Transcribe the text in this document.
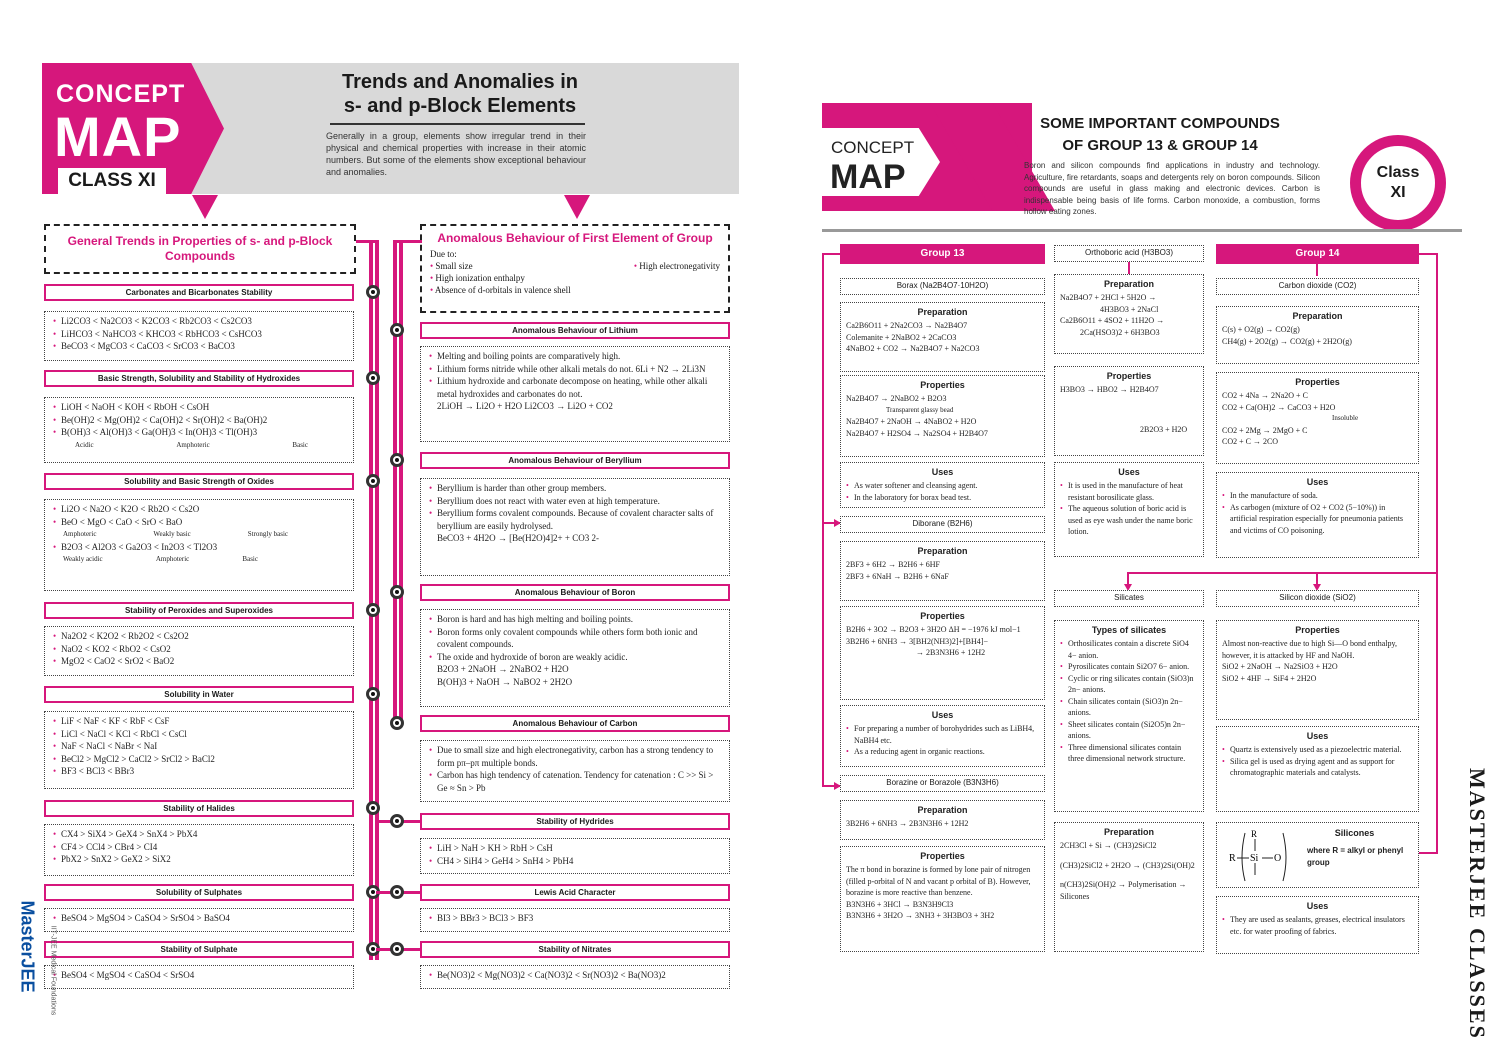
CONCEPT
MAP
CLASS XI
Trends and Anomalies in
s- and p-Block Elements
Generally in a group, elements show irregular trend in their physical and chemical properties with increase in their atomic numbers. But some of the elements show exceptional behaviour and anomalies.
General Trends in Properties of s- and p-Block Compounds
Anomalous Behaviour of First Element of Group
Due to:
• Small size	• High electronegativity
• High ionization enthalpy
• Absence of d-orbitals in valence shell
Carbonates and Bicarbonates Stability
• Li2CO3 < Na2CO3 < K2CO3 < Rb2CO3 < Cs2CO3
• LiHCO3 < NaHCO3 < KHCO3 < RbHCO3 < CsHCO3
• BeCO3 < MgCO3 < CaCO3 < SrCO3 < BaCO3
Basic Strength, Solubility and Stability of Hydroxides
• LiOH < NaOH < KOH < RbOH < CsOH
• Be(OH)2 < Mg(OH)2 < Ca(OH)2 < Sr(OH)2 < Ba(OH)2
• B(OH)3 < Al(OH)3 < Ga(OH)3 < In(OH)3 < Tl(OH)3
Acidic	Amphoteric	Basic
Solubility and Basic Strength of Oxides
• Li2O < Na2O < K2O < Rb2O < Cs2O
• BeO < MgO < CaO < SrO < BaO
Amphoteric	Weakly basic	Strongly basic
• B2O3 < Al2O3 < Ga2O3 < In2O3 < Tl2O3
Weakly acidic	Amphoteric	Basic
Stability of Peroxides and Superoxides
• Na2O2 < K2O2 < Rb2O2 < Cs2O2
• NaO2 < KO2 < RbO2 < CsO2
• MgO2 < CaO2 < SrO2 < BaO2
Solubility in Water
• LiF < NaF < KF < RbF < CsF
• LiCl < NaCl < KCl < RbCl < CsCl
• NaF < NaCl < NaBr < NaI
• BeCl2 > MgCl2 > CaCl2 > SrCl2 > BaCl2
• BF3 < BCl3 < BBr3
Stability of Halides
• CX4 > SiX4 > GeX4 > SnX4 > PbX4
• CF4 > CCl4 > CBr4 > CI4
• PbX2 > SnX2 > GeX2 > SiX2
Solubility of Sulphates
• BeSO4 > MgSO4 > CaSO4 > SrSO4 > BaSO4
Stability of Sulphate
• BeSO4 < MgSO4 < CaSO4 < SrSO4
Anomalous Behaviour of Lithium
• Melting and boiling points are comparatively high.
• Lithium forms nitride while other alkali metals do not. 6Li + N2 → 2Li3N
• Lithium hydroxide and carbonate decompose on heating, while other alkali metal hydroxides and carbonates do not.
2LiOH → Li2O + H2O Li2CO3 → Li2O + CO2
Anomalous Behaviour of Beryllium
• Beryllium is harder than other group members.
• Beryllium does not react with water even at high temperature.
• Beryllium forms covalent compounds. Because of covalent character salts of beryllium are easily hydrolysed.
BeCO3 + 4H2O → [Be(H2O)4]2+ + CO3 2-
Anomalous Behaviour of Boron
• Boron is hard and has high melting and boiling points.
• Boron forms only covalent compounds while others form both ionic and covalent compounds.
• The oxide and hydroxide of boron are weakly acidic.
B2O3 + 2NaOH → 2NaBO2 + H2O
B(OH)3 + NaOH → NaBO2 + 2H2O
Anomalous Behaviour of Carbon
• Due to small size and high electronegativity, carbon has a strong tendency to form pπ–pπ multiple bonds.
• Carbon has high tendency of catenation. Tendency for catenation : C >> Si > Ge ≈ Sn > Pb
Stability of Hydrides
• LiH > NaH > KH > RbH > CsH
• CH4 > SiH4 > GeH4 > SnH4 > PbH4
Lewis Acid Character
• BI3 > BBr3 > BCl3 > BF3
Stability of Nitrates
• Be(NO3)2 < Mg(NO3)2 < Ca(NO3)2 < Sr(NO3)2 < Ba(NO3)2
MasterJEE IIT-JEE Medical Foundations
CONCEPT
MAP
SOME IMPORTANT COMPOUNDS
OF GROUP 13 & GROUP 14
Boron and silicon compounds find applications in industry and technology. Agriculture, fire retardants, soaps and detergents rely on boron compounds. Silicon compounds are useful in glass making and electronic devices. Carbon is indispensable being basis of life forms. Carbon monoxide, a combustion, forms hollow eating zones.
Class
XI
Group 13	Group 14
Orthoboric acid (H3BO3)
Borax (Na2B4O7·10H2O)
Preparation
Ca2B6O11 + 2Na2CO3 → Na2B4O7
Colemanite + 2NaBO2 + 2CaCO3
4NaBO2 + CO2 → Na2B4O7 + Na2CO3
Properties
Na2B4O7 → 2NaBO2 + B2O3
Transparent glassy bead
Na2B4O7 + 2NaOH → 4NaBO2 + H2O
Na2B4O7 + H2SO4 → Na2SO4 + H2B4O7
Uses
• As water softener and cleansing agent.
• In the laboratory for borax bead test.
Diborane (B2H6)
Preparation
2BF3 + 6H2 → B2H6 + 6HF
2BF3 + 6NaH → B2H6 + 6NaF
Properties
B2H6 + 3O2 → B2O3 + 3H2O ΔH = −1976 kJ mol−1
3B2H6 + 6NH3 → 3[BH2(NH3)2]+[BH4]−
→ 2B3N3H6 + 12H2
Uses
• For preparing a number of borohydrides such as LiBH4, NaBH4 etc.
• As a reducing agent in organic reactions.
Borazine or Borazole (B3N3H6)
Preparation
3B2H6 + 6NH3 → 2B3N3H6 + 12H2
Properties
The π bond in borazine is formed by lone pair of nitrogen (filled p-orbital of N and vacant p orbital of B). However, borazine is more reactive than benzene.
B3N3H6 + 3HCl → B3N3H9Cl3
B3N3H6 + 3H2O → 3NH3 + 3H3BO3 + 3H2
Preparation
Na2B4O7 + 2HCl + 5H2O →
4H3BO3 + 2NaCl
Ca2B6O11 + 4SO2 + 11H2O →
2Ca(HSO3)2 + 6H3BO3
Properties
H3BO3 → HBO2 → H2B4O7
2B2O3 + H2O
Uses
• It is used in the manufacture of heat resistant borosilicate glass.
• The aqueous solution of boric acid is used as eye wash under the name boric lotion.
Silicates
Types of silicates
• Orthosilicates contain a discrete SiO4 4− anion.
• Pyrosilicates contain Si2O7 6− anion.
• Cyclic or ring silicates contain (SiO3)n 2n− anions.
• Chain silicates contain (SiO3)n 2n− anions.
• Sheet silicates contain (Si2O5)n 2n− anions.
• Three dimensional silicates contain three dimensional network structure.
Preparation
2CH3Cl + Si → (CH3)2SiCl2
(CH3)2SiCl2 + 2H2O → (CH3)2Si(OH)2
n(CH3)2Si(OH)2 → Polymerisation → Silicones
Carbon dioxide (CO2)
Preparation
C(s) + O2(g) → CO2(g)
CH4(g) + 2O2(g) → CO2(g) + 2H2O(g)
Properties
CO2 + 4Na → 2Na2O + C
CO2 + Ca(OH)2 → CaCO3 + H2O
Insoluble
CO2 + 2Mg → 2MgO + C
CO2 + C → 2CO
Uses
• In the manufacture of soda.
• As carbogen (mixture of O2 + CO2 (5−10%)) in artificial respiration especially for pneumonia patients and victims of CO poisoning.
Silicon dioxide (SiO2)
Properties
Almost non-reactive due to high Si—O bond enthalpy, however, it is attacked by HF and NaOH.
SiO2 + 2NaOH → Na2SiO3 + H2O
SiO2 + 4HF → SiF4 + 2H2O
Uses
• Quartz is extensively used as a piezoelectric material.
• Silica gel is used as drying agent and as support for chromatographic materials and catalysts.
R Si
R
O
Silicones
where R = alkyl or phenyl group
Uses
• They are used as sealants, greases, electrical insulators etc. for water proofing of fabrics.	MASTERJEE CLASSES
